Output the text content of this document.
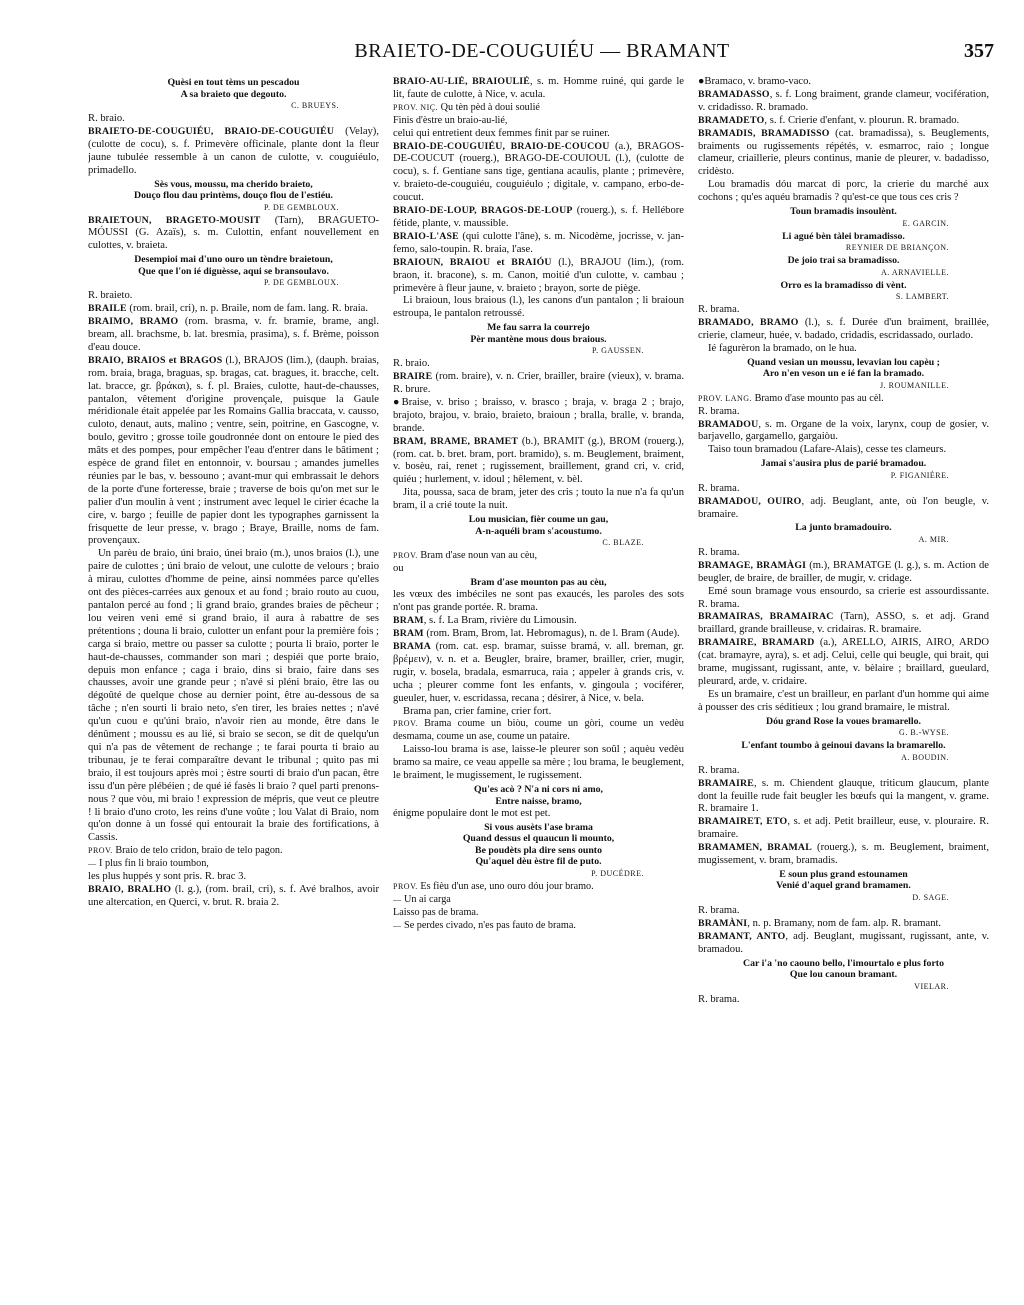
BRAIETO-DE-COUGUIÉU — BRAMANT	357
Quèsi en tout tèms un pescadou
A sa braieto que degouto.
C. BRUEYS.

R. braio.

BRAIETO-DE-COUGUIÉU, BRAIO-DE-COUGUIÉU (Velay), (culotte de cocu), s. f. Primevère officinale, plante dont la fleur jaune tubulée ressemble à un canon de culotte, v. couguiéulo, primadello.

Sès vous, moussu, ma cherido braieto,
Douço flou dau printèms, douço flou de l'estiéu.
P. DE GEMBLOUX.

BRAIETOUN, BRAGETO-MOUSIT (Tarn), BRAGUETO-MÓUSSI (G. Azaïs), s. m. Culottin, enfant nouvellement en culottes, v. braieta.

Desempioi mai d'uno ouro un tèndre braietoun,
Que que l'on ié diguèsse, aqui se bransoulavo.
P. DE GEMBLOUX.

R. braieto.

BRAILE (rom. brail, cri), n. p. Braile, nom de fam. lang. R. braia.

BRAIMO, BRAMO (rom. brasma, v. fr. bramie, brame, angl. bream, all. brachsme, b. lat. bresmia, prasima), s. f. Brème, poisson d'eau douce.

BRAIO, BRAIOS et BRAGOS (l.), BRAJOS (lim.), (dauph. braias, rom. braia, braga, braguas, sp. bragas, cat. bragues, it. bracche, celt. lat. bracce, gr. βράκαι), s. f. pl. Braies, culotte, haut-de-chausses, pantalon, vêtement d'origine provençale, puisque la Gaule méridionale était appelée par les Romains Gallia braccata, v. causso, culoto, denaut, auts, malino ; ventre, sein, poitrine, en Gascogne, v. boulo, gevitro ; grosse toile goudronnée dont on entoure le pied des mâts et des pompes, pour empêcher l'eau d'entrer dans le bâtiment ; espèce de grand filet en entonnoir, v. boursau ; amandes jumelles réunies par le bas, v. bessouno ; avant-mur qui embrassait le dehors de la porte d'une forteresse, braie ; traverse de bois qu'on met sur le palier d'un moulin à vent ; instrument avec lequel le cirier écache la cire, v. bargo ; feuille de papier dont les typographes garnissent la frisquette de leur presse, v. brago ; Braye, Braille, noms de fam. provençaux.

Un parèu de braio, úni braio, únei braio (m.), unos braios (l.), une paire de culottes ; úni braio de velout, une culotte de velours ; braio à mirau, culottes d'homme de peine, ainsi nommées parce qu'elles ont des pièces-carrées aux genoux et au fond ; braio routo au cuou, pantalon percé au fond ; li grand braio, grandes braies de pêcheur ; lou veiren veni emé si grand braio, il aura à rabattre de ses prétentions ; douna li braio, culotter un enfant pour la première fois ; carga si braio, mettre ou passer sa culotte ; pourta li braio, porter le haut-de-chausses, commander son mari ; despiéi que porte braio, depuis mon enfance ; caga i braio, dins si braio, faire dans ses chausses, avoir une grande peur ; n'avé si pléni braio, être las ou dégoûté de quelque chose au dernier point, être au-dessous de sa tâche ; n'en sourti li braio neto, s'en tirer, les braies nettes ; n'avé qu'un cuou e qu'úni braio, n'avoir rien au monde, être dans le dénûment ; moussu es au lié, si braio se secon, se dit de quelqu'un qui n'a pas de vêtement de rechange ; te farai pourta ti braio au tribunau, je te ferai comparaître devant le tribunal ; quito pas mi braio, il est toujours après moi ; èstre sourti di braio d'un pacan, être issu d'un père plébéien ; de qué ié fasès li braio ? quel parti prenons-nous ? que vòu, mi braio ! expression de mépris, que veut ce pleutre ! li braio d'uno croto, les reins d'une voûte ; lou Valat di Braio, nom qu'on donne à un fossé qui entourait la braie des fortifications, à Cassis.

PROV. Braio de telo cridon, braio de telo pagon.

— I plus fin li braio toumbon,

les plus huppés y sont pris. R. brac 3.

BRAIO, BRALHO (l. g.), (rom. brail, cri), s. f. Avé bralhos, avoir une altercation, en Querci, v. brut. R. braia 2.

BRAIO-AU-LIÉ, BRAIOULIÉ, s. m. Homme ruiné, qui garde le lit, faute de culotte, à Nice, v. acula.

PROV. NIÇ. Qu tèn pèd à doui soulié
Finis d'èstre un braio-au-lié,

celui qui entretient deux femmes finit par se ruiner.

BRAIO-DE-COUGUIÉU, BRAIO-DE-COUCOU (a.), BRAGOS-DE-COUCUT (rouerg.), BRAGO-DE-COUIOUL (l.), (culotte de cocu), s. f. Gentiane sans tige, gentiana acaulis, plante ; primevère, v. braieto-de-couguiéu, couguiéulo ; digitale, v. campano, erbo-de-coucut.

BRAIO-DE-LOUP, BRAGOS-DE-LOUP (rouerg.), s. f. Hellébore fétide, plante, v. maussible.

BRAIO-L'ASE (qui culotte l'âne), s. m. Nicodème, jocrisse, v. jan-femo, salo-toupin. R. braia, l'ase.

BRAIOUN, BRAIOU et BRAIÓU (l.), BRAJOU (lim.), (rom. braon, it. bracone), s. m. Canon, moitié d'un culotte, v. cambau ; primevère à fleur jaune, v. braieto ; brayon, sorte de piège.

Li braioun, lous braious (l.), les canons d'un pantalon ; li braioun estroupa, le pantalon retroussé.

Me fau sarra la courrejo
Pèr mantène mous dous braious.
P. GAUSSEN.

R. braio.

BRAIRE (rom. braire), v. n. Crier, brailler, braire (vieux), v. brama. R. brure.

●Braise, v. briso ; braisso, v. brasco ; braja, v. braga 2 ; brajo, brajoto, brajou, v. braio, braieto, braioun ; bralla, bralle, v. branda, brande.

BRAM, BRAME, BRAMET (b.), BRAMIT (g.), BROM (rouerg.), (rom. cat. b. bret. bram, port. bramido), s. m. Beuglement, braiment, v. bosèu, rai, renet ; rugissement, braillement, grand cri, v. crid, quiéu ; hurlement, v. idoul ; hêlement, v. bèl.

Jita, poussa, saca de bram, jeter des cris ; touto la nue n'a fa qu'un bram, il a crié toute la nuit.

Lou musician, fièr coume un gau,
A-n-aquéli bram s'acoustumo.
C. BLAZE.

PROV. Bram d'ase noun van au cèu,

ou

Bram d'ase mounton pas au cèu,

les vœux des imbéciles ne sont pas exaucés, les paroles des sots n'ont pas grande portée. R. brama.

BRAM, s. f. La Bram, rivière du Limousin.

BRAM (rom. Bram, Brom, lat. Hebromagus), n. de l. Bram (Aude).

BRAMA (rom. cat. esp. bramar, suisse bramá, v. all. breman, gr. βρέμειν), v. n. et a. Beugler, braire, bramer, brailler, crier, mugir, rugir, v. bosela, bradala, esmarruca, raia ; appeler à grands cris, v. ucha ; pleurer comme font les enfants, v. gingoula ; vociférer, gueuler, huer, v. escridassa, recana ; désirer, à Nice, v. bela.

Brama pan, crier famine, crier fort.

PROV. Brama coume un biòu, coume un gòri, coume un vedèu desmama, coume un ase, coume un pataire.

Laisso-lou brama is ase, laisse-le pleurer son soûl ; aquèu vedèu bramo sa maire, ce veau appelle sa mère ; lou brama, le beuglement, le braiment, le mugissement, le rugissement.

Qu'es acò ? N'a ni cors ni amo,
Entre naisse, bramo,

énigme populaire dont le mot est pet.

Si vous ausèts l'ase brama
Quand dessus el quaucun li mounto,
Be poudèts pla dire sens ounto
Qu'aquel dèu èstre fil de puto.
P. DUCÉDRE.

PROV. Es fièu d'un ase, uno ouro dóu jour bramo.

— Un ai carga
Laisso pas de brama.

— Se perdes civado, n'es pas fauto de brama.

●Bramaco, v. bramo-vaco.

BRAMADASSO, s. f. Long braiment, grande clameur, vocifération, v. cridadisso. R. bramado.

BRAMADETO, s. f. Crierie d'enfant, v. plourun. R. bramado.

BRAMADIS, BRAMADISSO (cat. bramadissa), s. Beuglements, braiments ou rugissements répétés, v. esmarroc, raio ; longue clameur, criaillerie, pleurs continus, manie de pleurer, v. badadisso, cridèsto.

Lou bramadis dóu marcat di porc, la crierie du marché aux cochons ; qu'es aquéu bramadis ? qu'est-ce que tous ces cris ?

Toun bramadis insoulènt.
E. GARCIN.
Li agué bèn tàlei bramadisso.
REYNIER DE BRIANÇON.
De joio trai sa bramadisso.
A. ARNAVIELLE.
Orro es la bramadisso di vènt.
S. LAMBERT.

R. brama.

BRAMADO, BRAMO (l.), s. f. Durée d'un braiment, braillée, crierie, clameur, huée, v. badado, cridadis, escridassado, ourlado.

Ié fagurèron la bramado, on le hua.

Quand vesian un moussu, levavian lou capèu ;
Aro n'en veson un e ié fan la bramado.
J. ROUMANILLE.

PROV. LANG. Bramo d'ase mounto pas au cèl.

R. brama.

BRAMADOU, s. m. Organe de la voix, larynx, coup de gosier, v. barjavello, gargamello, gargaiòu.

Taiso toun bramadou (Lafare-Alais), cesse tes clameurs.

Jamai s'ausira plus de parié bramadou.
P. FIGANIÈRE.

R. brama.

BRAMADOU, OUIRO, adj. Beuglant, ante, où l'on beugle, v. bramaire.

La junto bramadouiro.
A. MIR.

R. brama.

BRAMAGE, BRAMÀGI (m.), BRAMATGE (l. g.), s. m. Action de beugler, de braire, de brailler, de mugir, v. cridage.

Emé soun bramage vous ensourdo, sa crierie est assourdissante. R. brama.

BRAMAIRAS, BRAMAIRAC (Tarn), ASSO, s. et adj. Grand braillard, grande brailleuse, v. cridairas. R. bramaire.

BRAMAIRE, BRAMARD (a.), ARELLO, AIRIS, AIRO, ARDO (cat. bramayre, ayra), s. et adj. Celui, celle qui beugle, qui brait, qui brame, mugissant, rugissant, ante, v. bèlaire ; braillard, gueulard, pleurard, arde, v. cridaire.

Es un bramaire, c'est un brailleur, en parlant d'un homme qui aime à pousser des cris séditieux ; lou grand bramaire, le mistral.

Dóu grand Rose la voues bramarello.
G. B.-WYSE.
L'enfant toumbo à geinoui davans la bramarello.
A. BOUDIN.

R. brama.

BRAMAIRE, s. m. Chiendent glauque, triticum glaucum, plante dont la feuille rude fait beugler les bœufs qui la mangent, v. grame. R. bramaire 1.

BRAMAIRET, ETO, s. et adj. Petit brailleur, euse, v. plouraire. R. bramaire.

BRAMAMEN, BRAMAL (rouerg.), s. m. Beuglement, braiment, mugissement, v. bram, bramadis.

E soun plus grand estounamen
Venié d'aquel grand bramamen.
D. SAGE.

R. brama.

BRAMÀNI, n. p. Bramany, nom de fam. alp. R. bramant.

BRAMANT, ANTO, adj. Beuglant, mugissant, rugissant, ante, v. bramadou.

Car i'a 'no caouno bello, l'imourtalo e plus forto
Que lou canoun bramant.
VIELAR.

R. brama.
